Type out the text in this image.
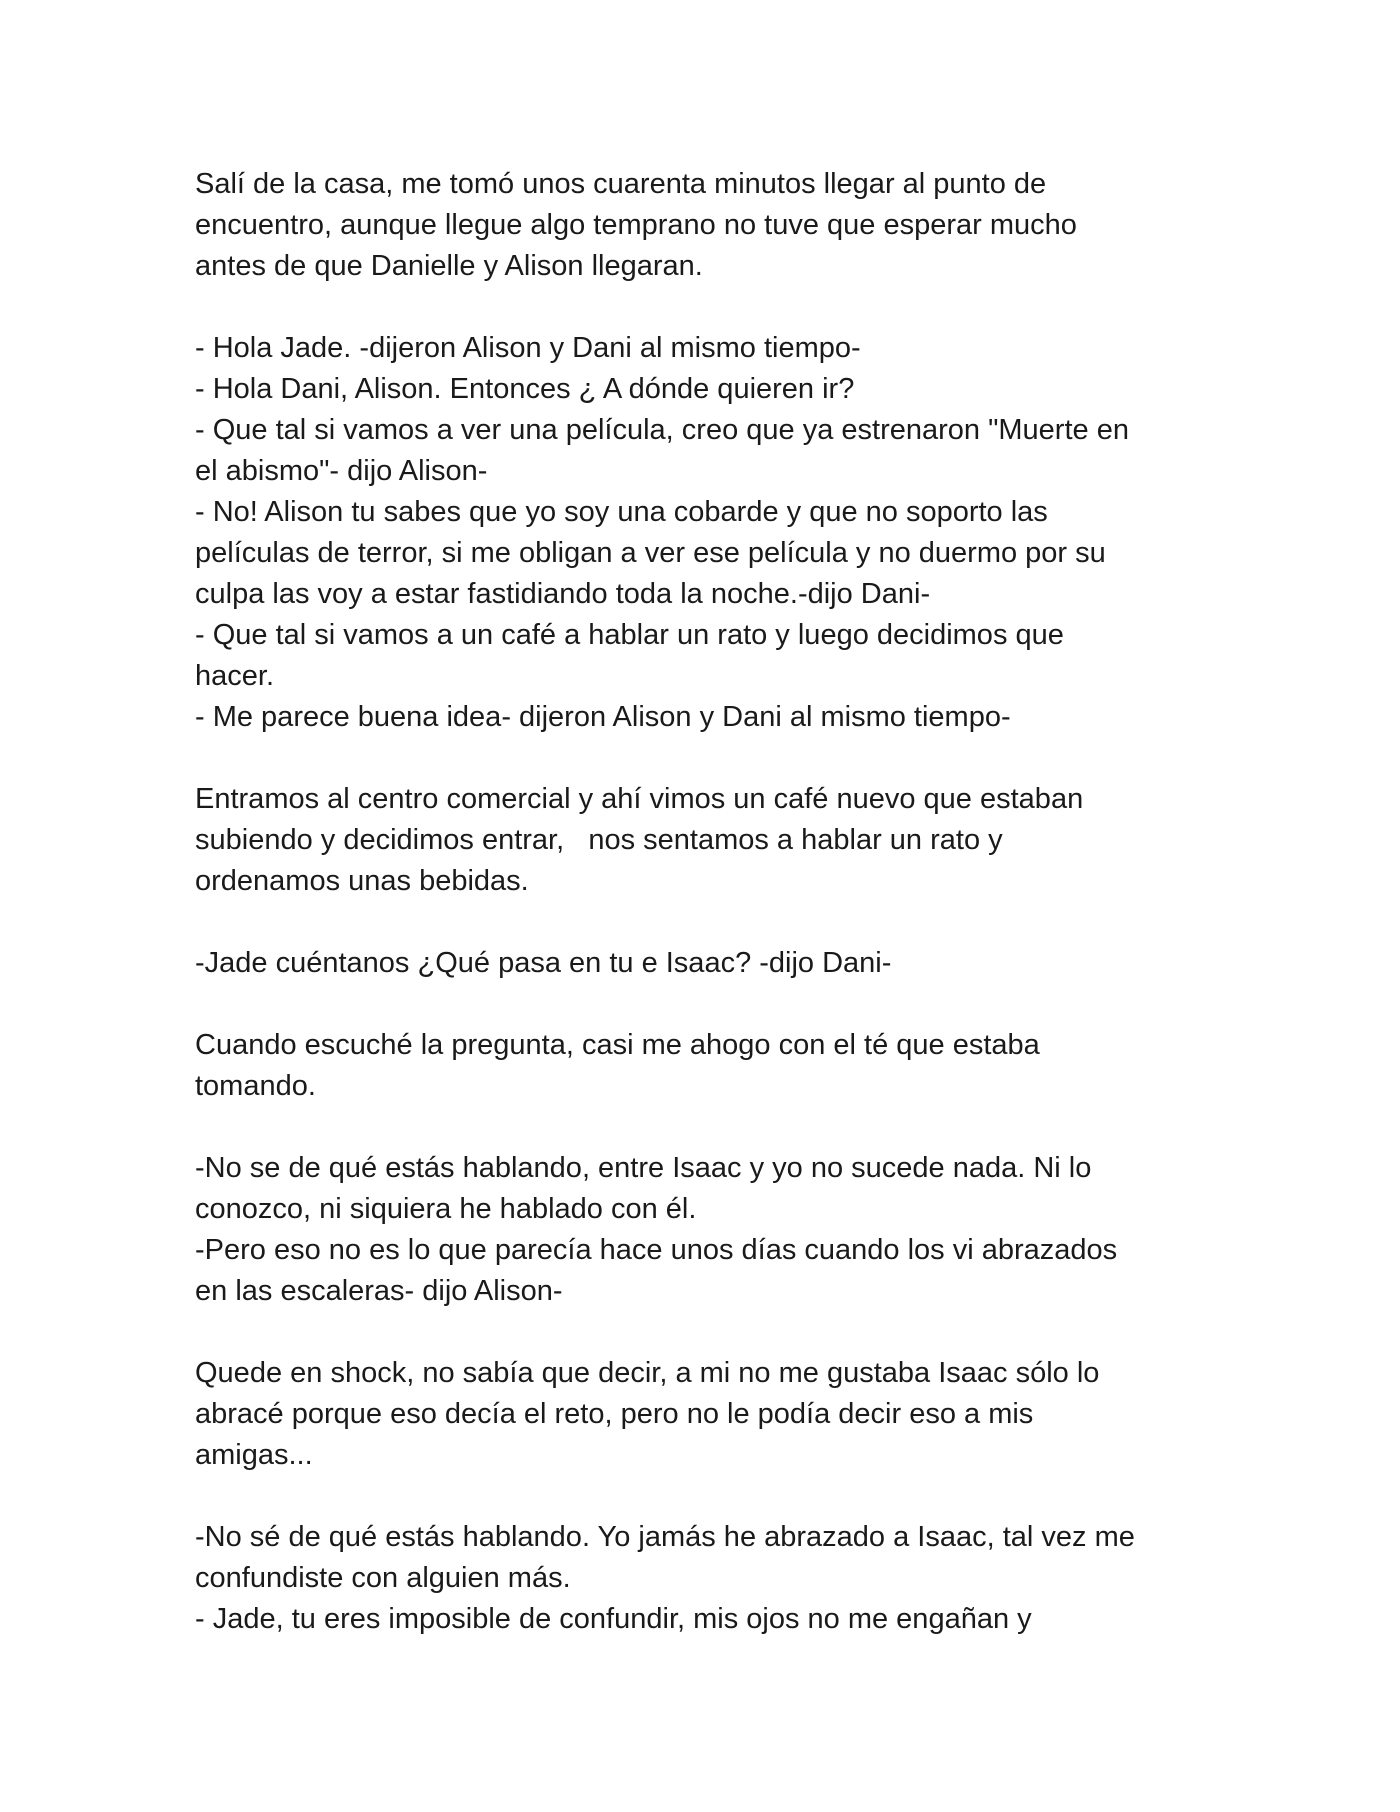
Salí de la casa, me tomó unos cuarenta minutos llegar al punto de
encuentro, aunque llegue algo temprano no tuve que esperar mucho
antes de que Danielle y Alison llegaran.
- Hola Jade. -dijeron Alison y Dani al mismo tiempo-
- Hola Dani, Alison. Entonces ¿ A dónde quieren ir?
- Que tal si vamos a ver una película, creo que ya estrenaron "Muerte en
el abismo"- dijo Alison-
- No! Alison tu sabes que yo soy una cobarde y que no soporto las
películas de terror, si me obligan a ver ese película y no duermo por su
culpa las voy a estar fastidiando toda la noche.-dijo Dani-
- Que tal si vamos a un café a hablar un rato y luego decidimos que
hacer.
- Me parece buena idea- dijeron Alison y Dani al mismo tiempo-
Entramos al centro comercial y ahí vimos un café nuevo que estaban
subiendo y decidimos entrar,   nos sentamos a hablar un rato y
ordenamos unas bebidas.
-Jade cuéntanos ¿Qué pasa en tu e Isaac? -dijo Dani-
Cuando escuché la pregunta, casi me ahogo con el té que estaba
tomando.
-No se de qué estás hablando, entre Isaac y yo no sucede nada. Ni lo
conozco, ni siquiera he hablado con él.
-Pero eso no es lo que parecía hace unos días cuando los vi abrazados
en las escaleras- dijo Alison-
Quede en shock, no sabía que decir, a mi no me gustaba Isaac sólo lo
abracé porque eso decía el reto, pero no le podía decir eso a mis
amigas...
-No sé de qué estás hablando. Yo jamás he abrazado a Isaac, tal vez me
confundiste con alguien más.
- Jade, tu eres imposible de confundir, mis ojos no me engañan y
